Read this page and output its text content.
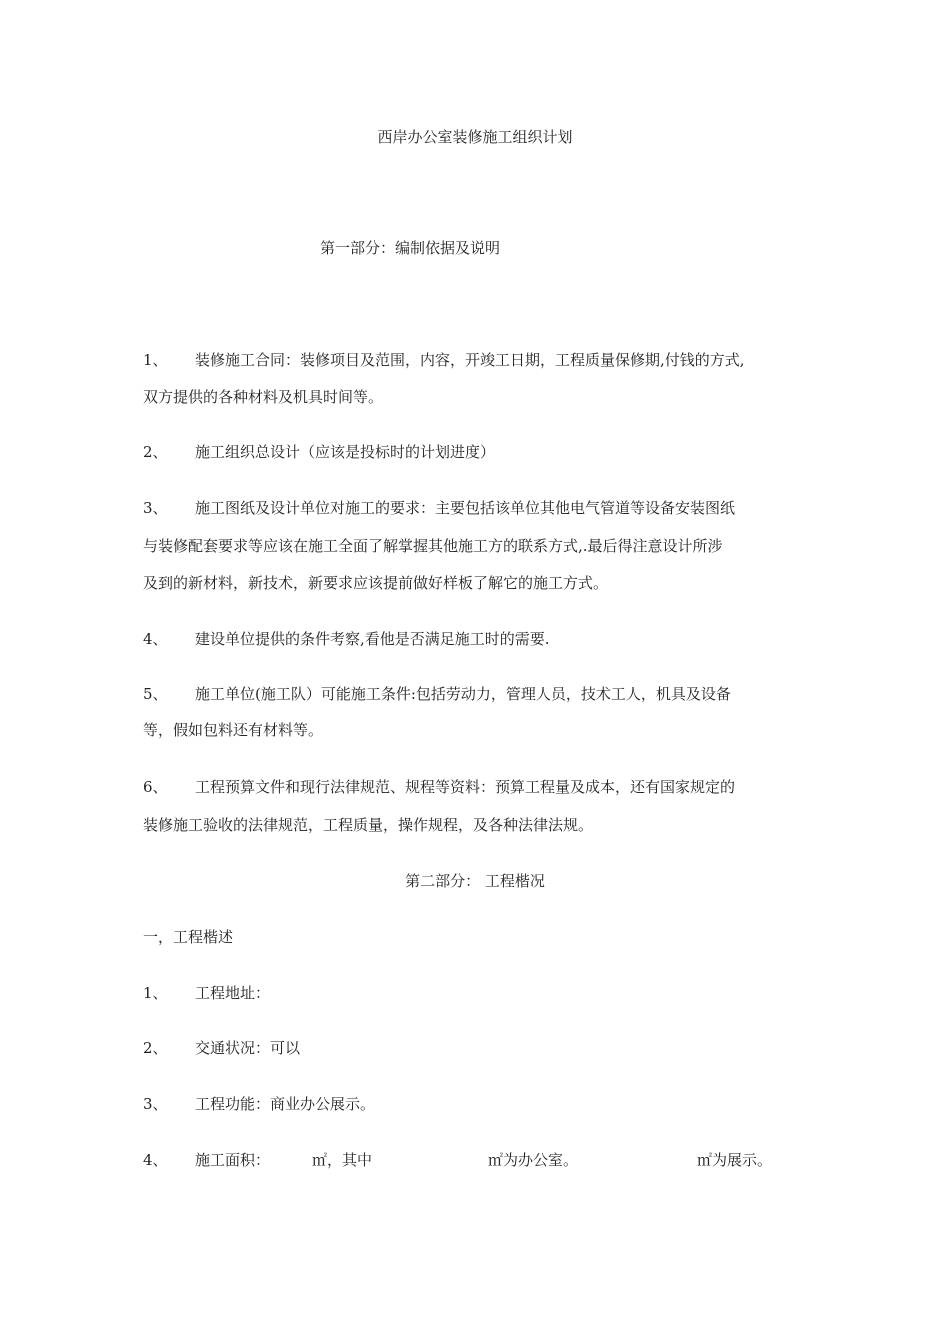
西岸办公室装修施工组织计划
第一部分：编制依据及说明
1、 装修施工合同：装修项目及范围，内容，开竣工日期，工程质量保修期,付钱的方式,
双方提供的各种材料及机具时间等。
2、 施工组织总设计（应该是投标时的计划进度）
3、 施工图纸及设计单位对施工的要求：主要包括该单位其他电气管道等设备安装图纸
与装修配套要求等应该在施工全面了解掌握其他施工方的联系方式,.最后得注意设计所涉
及到的新材料，新技术，新要求应该提前做好样板了解它的施工方式。
4、 建设单位提供的条件考察,看他是否满足施工时的需要.
5、 施工单位(施工队）可能施工条件:包括劳动力，管理人员，技术工人，机具及设备
等，假如包料还有材料等。
6、 工程预算文件和现行法律规范、规程等资料：预算工程量及成本，还有国家规定的
装修施工验收的法律规范，工程质量，操作规程，及各种法律法规。
第二部分： 工程楷况
一，工程楷述
1、 工程地址：
2、 交通状况：可以
3、 工程功能：商业办公展示。
4、 施工面积：	㎡，其中	㎡为办公室。	㎡为展示。
